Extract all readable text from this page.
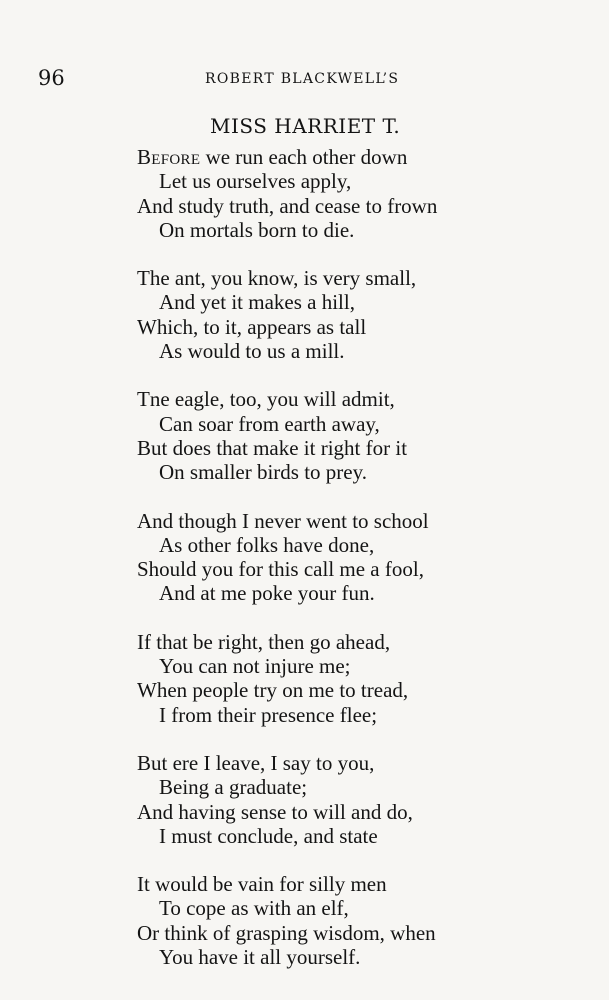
96	ROBERT BLACKWELL’S
MISS HARRIET T.
Before we run each other down
Let us ourselves apply,
And study truth, and cease to frown
On mortals born to die.
The ant, you know, is very small,
And yet it makes a hill,
Which, to it, appears as tall
As would to us a mill.
Tne eagle, too, you will admit,
Can soar from earth away,
But does that make it right for it
On smaller birds to prey.
And though I never went to school
As other folks have done,
Should you for this call me a fool,
And at me poke your fun.
If that be right, then go ahead,
You can not injure me;
When people try on me to tread,
I from their presence flee;
But ere I leave, I say to you,
Being a graduate;
And having sense to will and do,
I must conclude, and state
It would be vain for silly men
To cope as with an elf,
Or think of grasping wisdom, when
You have it all yourself.
